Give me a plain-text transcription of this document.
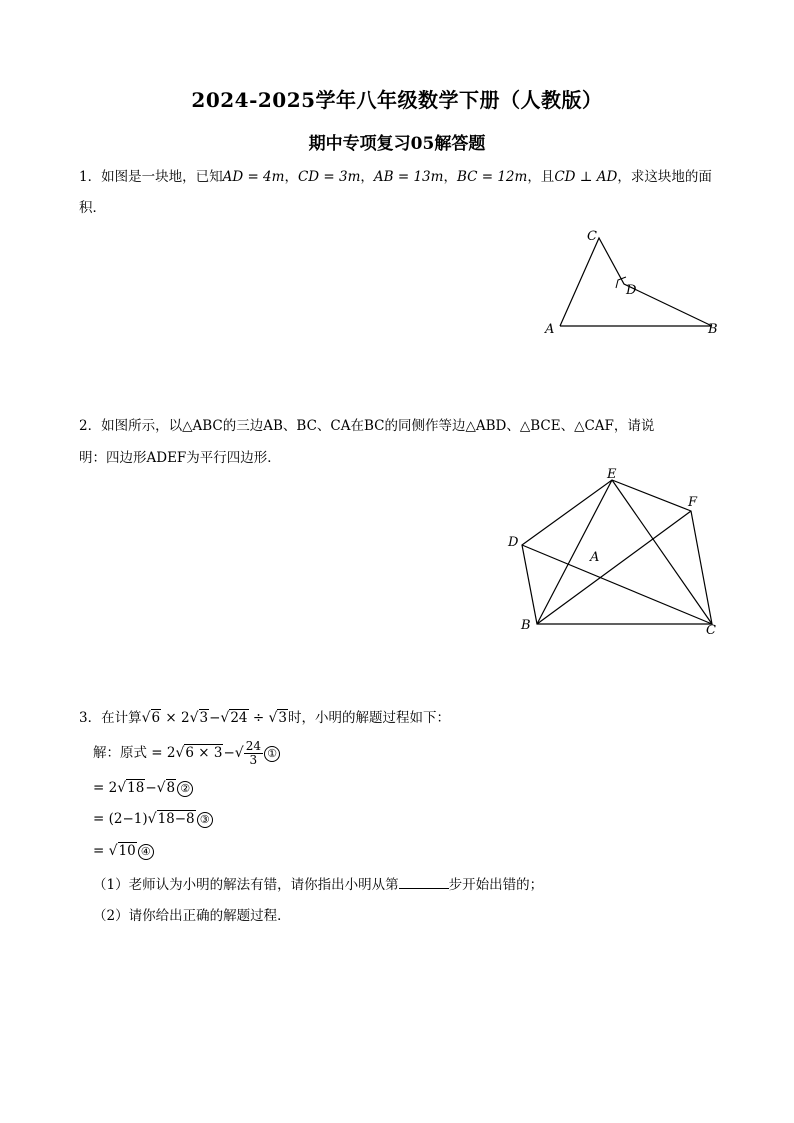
2024-2025学年八年级数学下册（人教版）
期中专项复习05解答题
1．如图是一块地，已知AD = 4m，CD = 3m，AB = 13m，BC = 12m，且CD ⊥ AD，求这块地的面
积．
C
D
A	B
2．如图所示，以△ABC的三边AB、BC、CA在BC的同侧作等边△ABD、△BCE、△CAF，请说
明：四边形ADEF为平行四边形．
E
F
D
A
B	C
3．在计算√6 × 2√3−√24 ÷ √3时，小明的解题过程如下：
解：原式 = $2√6 \times 3-√ \frac{24}{3}$ ①
= 2√18−√8 ②
= (2−1)√18−8 ③
= √10 ④
（1）老师认为小明的解法有错，请你指出小明从第	步开始出错的；
（2）请你给出正确的解题过程．
